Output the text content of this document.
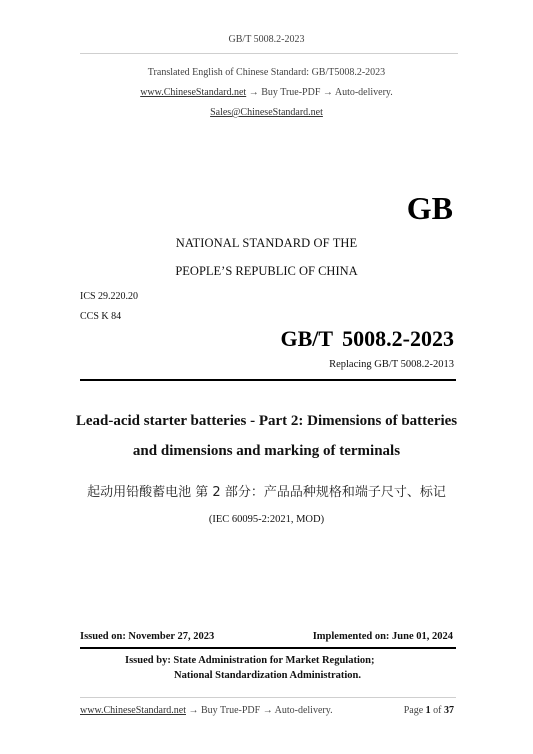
GB/T 5008.2-2023
Translated English of Chinese Standard: GB/T5008.2-2023
www.ChineseStandard.net → Buy True-PDF → Auto-delivery.
Sales@ChineseStandard.net
GB
NATIONAL STANDARD OF THE
PEOPLE’S REPUBLIC OF CHINA
ICS 29.220.20
CCS K 84
GB/T 5008.2-2023
Replacing GB/T 5008.2-2013
Lead-acid starter batteries - Part 2: Dimensions of batteries
and dimensions and marking of terminals
起动用铅酸蓄电池 第 2 部分：产品品种规格和端子尺寸、标记
(IEC 60095-2:2021, MOD)
Issued on: November 27, 2023	Implemented on: June 01, 2024
Issued by: State Administration for Market Regulation;
National Standardization Administration.
www.ChineseStandard.net → Buy True-PDF → Auto-delivery.	Page 1 of 37
